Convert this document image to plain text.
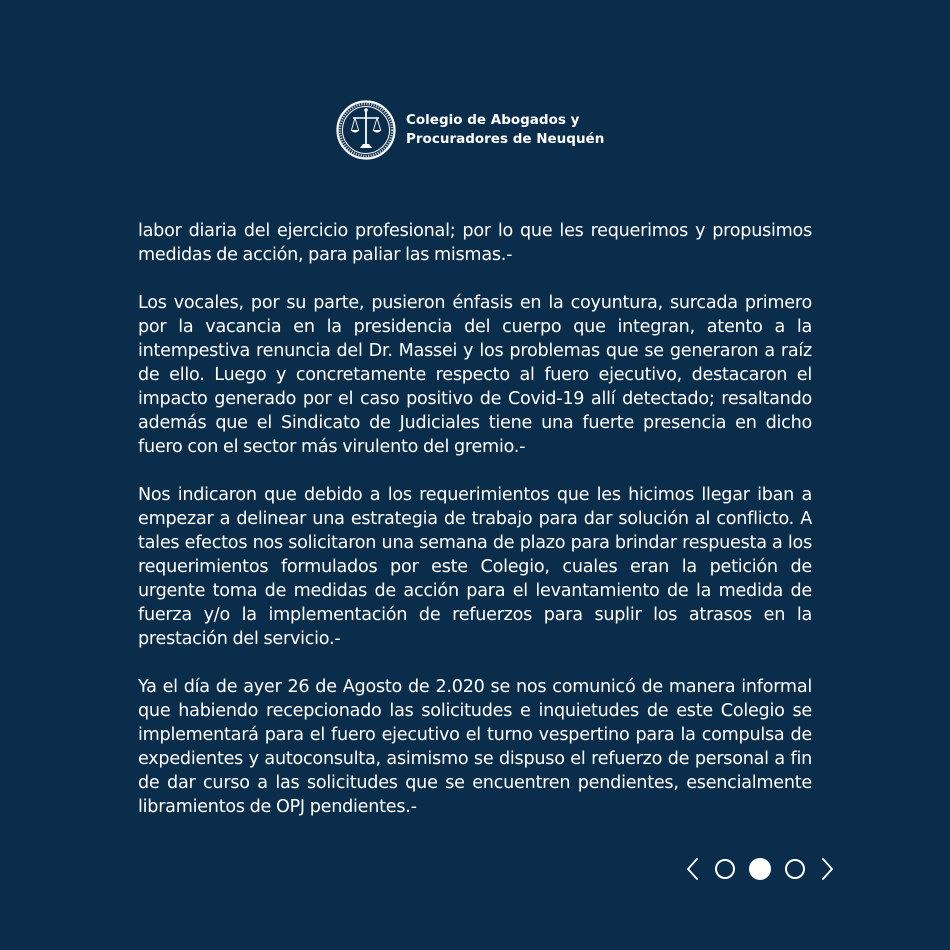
Colegio de Abogados y
Procuradores de Neuquén

labor diaria del ejercicio profesional; por lo que les requerimos y propusimos medidas de acción, para paliar las mismas.-

Los vocales, por su parte, pusieron énfasis en la coyuntura, surcada primero por la vacancia en la presidencia del cuerpo que integran, atento a la intempestiva renuncia del Dr. Massei y los problemas que se generaron a raíz de ello. Luego y concretamente respecto al fuero ejecutivo, destacaron el impacto generado por el caso positivo de Covid-19 allí detectado; resaltando además que el Sindicato de Judiciales tiene una fuerte presencia en dicho fuero con el sector más virulento del gremio.-

Nos indicaron que debido a los requerimientos que les hicimos llegar iban a empezar a delinear una estrategia de trabajo para dar solución al conflicto. A tales efectos nos solicitaron una semana de plazo para brindar respuesta a los requerimientos formulados por este Colegio, cuales eran la petición de urgente toma de medidas de acción para el levantamiento de la medida de fuerza y/o la implementación de refuerzos para suplir los atrasos en la prestación del servicio.-

Ya el día de ayer 26 de Agosto de 2.020 se nos comunicó de manera informal que habiendo recepcionado las solicitudes e inquietudes de este Colegio se implementará para el fuero ejecutivo el turno vespertino para la compulsa de expedientes y autoconsulta, asimismo se dispuso el refuerzo de personal a fin de dar curso a las solicitudes que se encuentren pendientes, esencialmente libramientos de OPJ pendientes.-
